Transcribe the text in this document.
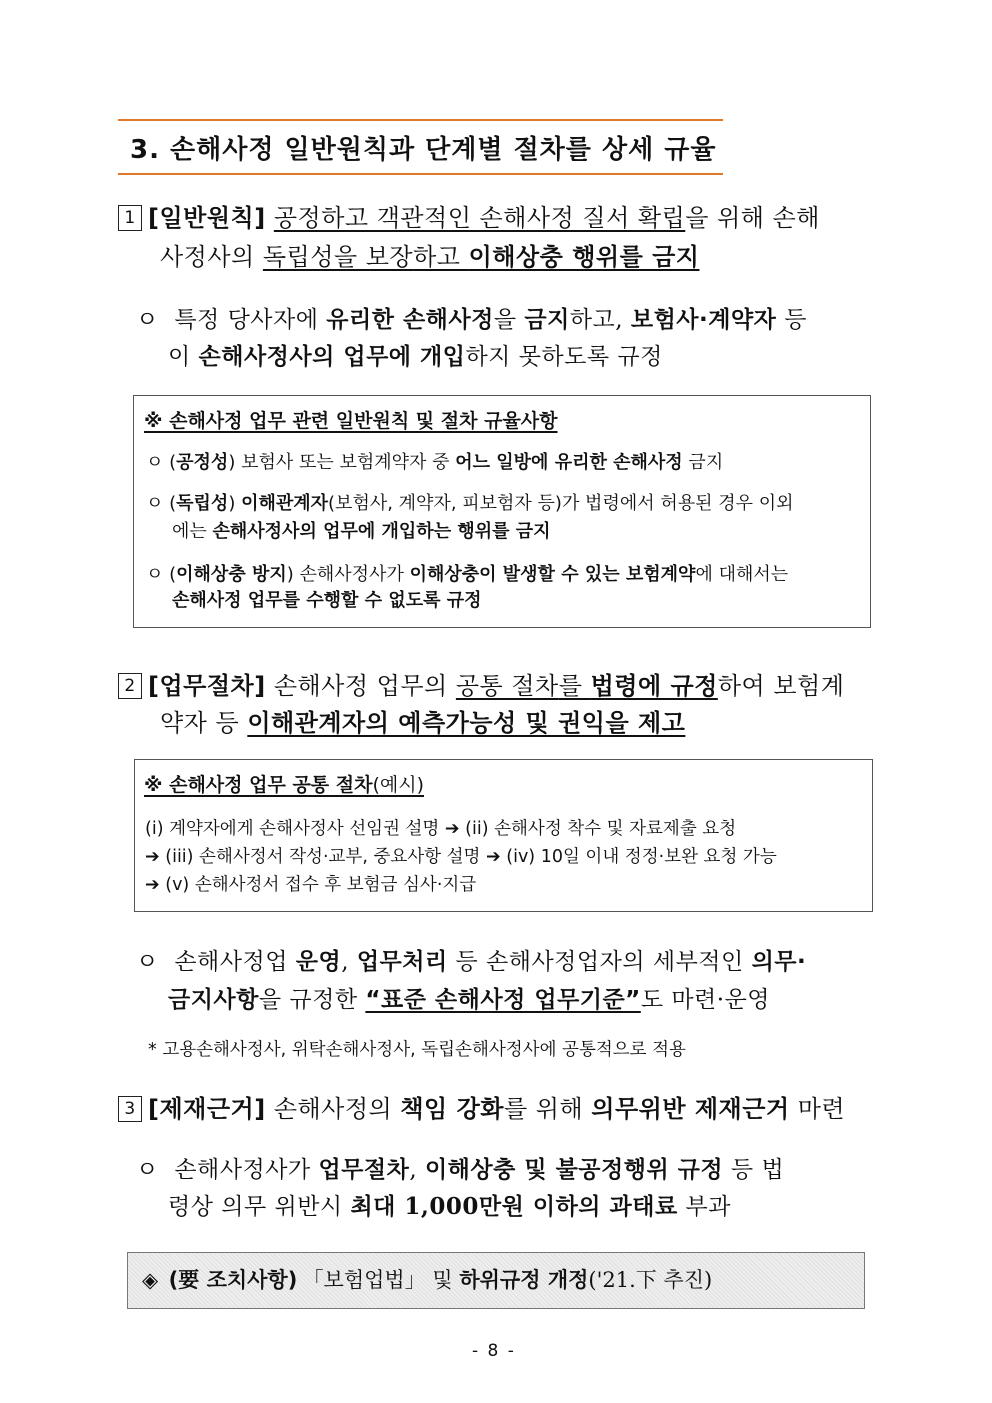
3. 손해사정 일반원칙과 단계별 절차를 상세 규율
1 [일반원칙] 공정하고 객관적인 손해사정 질서 확립을 위해 손해
사정사의 독립성을 보장하고 이해상충 행위를 금지
ㅇ 특정 당사자에 유리한 손해사정을 금지하고, 보험사·계약자 등
이 손해사정사의 업무에 개입하지 못하도록 규정
※ 손해사정 업무 관련 일반원칙 및 절차 규율사항
ㅇ (공정성) 보험사 또는 보험계약자 중 어느 일방에 유리한 손해사정 금지
ㅇ (독립성) 이해관계자(보험사, 계약자, 피보험자 등)가 법령에서 허용된 경우 이외
에는 손해사정사의 업무에 개입하는 행위를 금지
ㅇ (이해상충 방지) 손해사정사가 이해상충이 발생할 수 있는 보험계약에 대해서는
손해사정 업무를 수행할 수 없도록 규정
2 [업무절차] 손해사정 업무의 공통 절차를 법령에 규정하여 보험계
약자 등 이해관계자의 예측가능성 및 권익을 제고
※ 손해사정 업무 공통 절차(예시)
(i) 계약자에게 손해사정사 선임권 설명 ➔ (ii) 손해사정 착수 및 자료제출 요청
➔ (iii) 손해사정서 작성·교부, 중요사항 설명 ➔ (iv) 10일 이내 정정·보완 요청 가능
➔ (v) 손해사정서 접수 후 보험금 심사·지급
ㅇ 손해사정업 운영, 업무처리 등 손해사정업자의 세부적인 의무·
금지사항을 규정한 “표준 손해사정 업무기준”도 마련·운영
* 고용손해사정사, 위탁손해사정사, 독립손해사정사에 공통적으로 적용
3 [제재근거] 손해사정의 책임 강화를 위해 의무위반 제재근거 마련
ㅇ 손해사정사가 업무절차, 이해상충 및 불공정행위 규정 등 법
령상 의무 위반시 최대 1,000만원 이하의 과태료 부과
◈ (要 조치사항) 「보험업법」 및 하위규정 개정('21.下 추진)
- 8 -
